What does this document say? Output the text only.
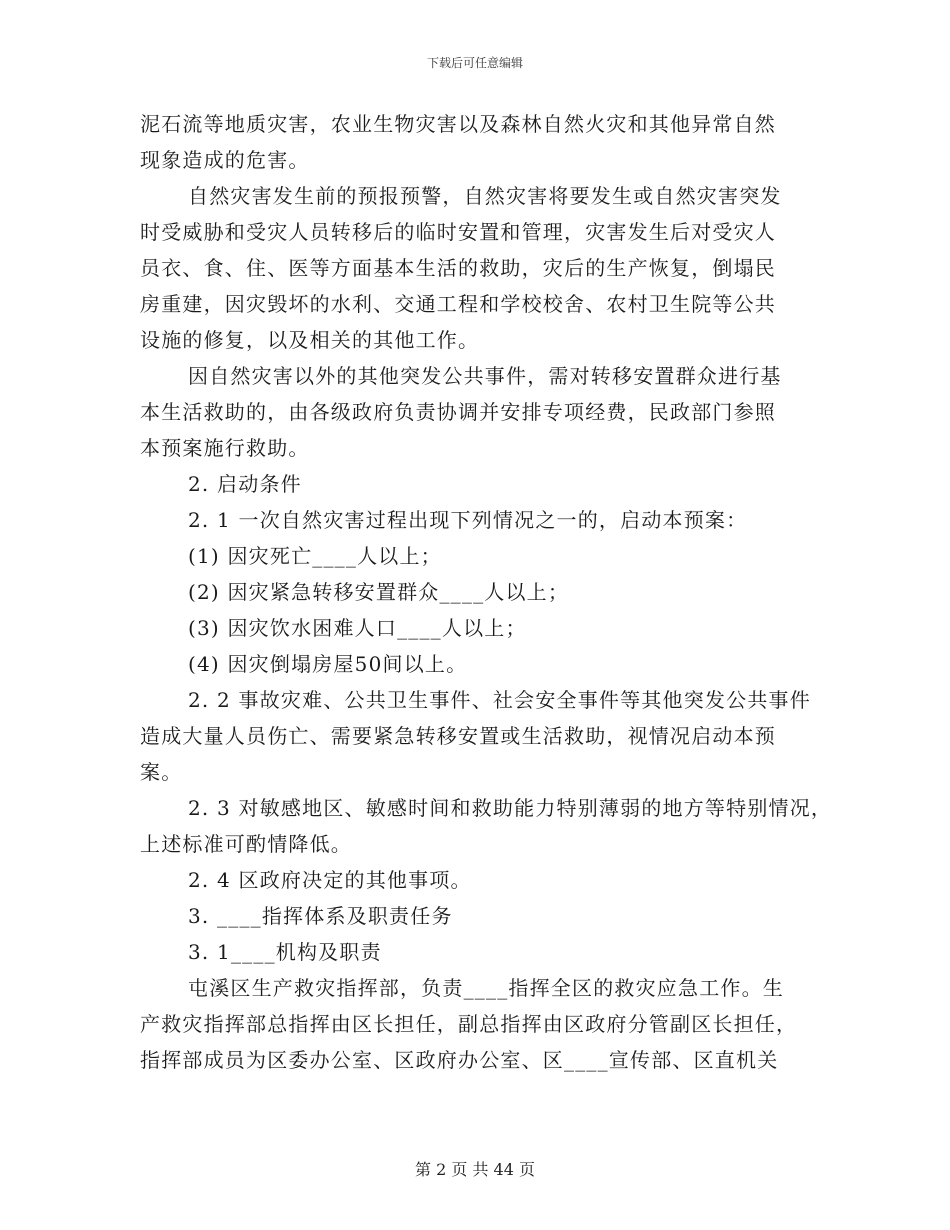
下载后可任意编辑

泥石流等地质灾害，农业生物灾害以及森林自然火灾和其他异常自然

现象造成的危害。

自然灾害发生前的预报预警，自然灾害将要发生或自然灾害突发

时受威胁和受灾人员转移后的临时安置和管理，灾害发生后对受灾人

员衣、食、住、医等方面基本生活的救助，灾后的生产恢复，倒塌民

房重建，因灾毁坏的水利、交通工程和学校校舍、农村卫生院等公共

设施的修复，以及相关的其他工作。

因自然灾害以外的其他突发公共事件，需对转移安置群众进行基

本生活救助的，由各级政府负责协调并安排专项经费，民政部门参照

本预案施行救助。

2. 启动条件

2. 1 一次自然灾害过程出现下列情况之一的，启动本预案：

(1) 因灾死亡____人以上；

(2) 因灾紧急转移安置群众____人以上；

(3) 因灾饮水困难人口____人以上；

(4) 因灾倒塌房屋50间以上。

2. 2 事故灾难、公共卫生事件、社会安全事件等其他突发公共事件

造成大量人员伤亡、需要紧急转移安置或生活救助，视情况启动本预

案。

2. 3 对敏感地区、敏感时间和救助能力特别薄弱的地方等特别情况，

上述标准可酌情降低。

2. 4 区政府决定的其他事项。

3. ____指挥体系及职责任务

3. 1____机构及职责

屯溪区生产救灾指挥部，负责____指挥全区的救灾应急工作。生

产救灾指挥部总指挥由区长担任，副总指挥由区政府分管副区长担任，

指挥部成员为区委办公室、区政府办公室、区____宣传部、区直机关

第 2 页 共 44 页
